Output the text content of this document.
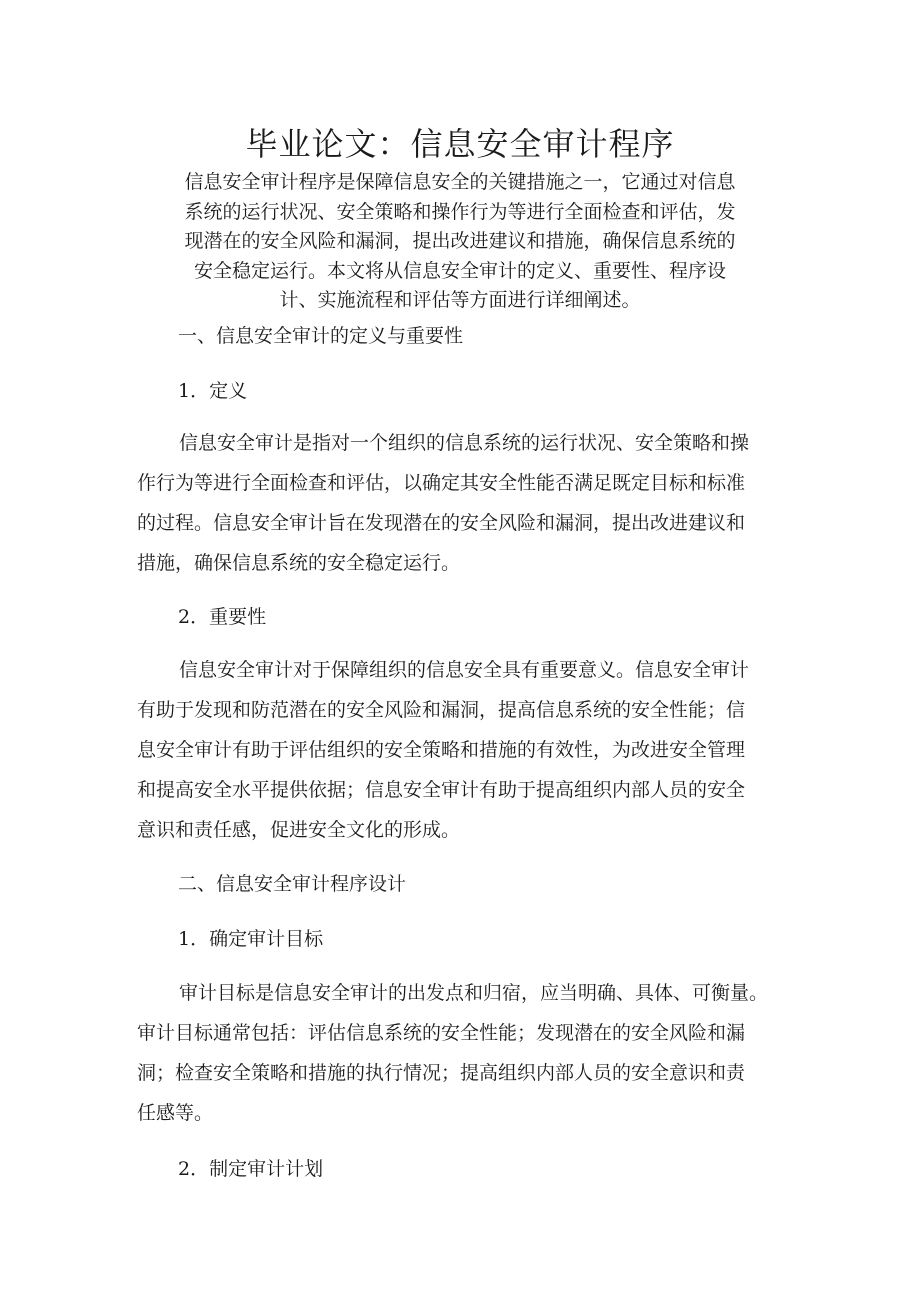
毕业论文：信息安全审计程序

信息安全审计程序是保障信息安全的关键措施之一，它通过对信息
系统的运行状况、安全策略和操作行为等进行全面检查和评估，发
现潜在的安全风险和漏洞，提出改进建议和措施，确保信息系统的
安全稳定运行。本文将从信息安全审计的定义、重要性、程序设
计、实施流程和评估等方面进行详细阐述。

一、信息安全审计的定义与重要性
1．定义

信息安全审计是指对一个组织的信息系统的运行状况、安全策略和操
作行为等进行全面检查和评估，以确定其安全性能否满足既定目标和标准
的过程。信息安全审计旨在发现潜在的安全风险和漏洞，提出改进建议和
措施，确保信息系统的安全稳定运行。

2．重要性

信息安全审计对于保障组织的信息安全具有重要意义。信息安全审计
有助于发现和防范潜在的安全风险和漏洞，提高信息系统的安全性能；信
息安全审计有助于评估组织的安全策略和措施的有效性，为改进安全管理
和提高安全水平提供依据；信息安全审计有助于提高组织内部人员的安全
意识和责任感，促进安全文化的形成。

二、信息安全审计程序设计
1．确定审计目标

审计目标是信息安全审计的出发点和归宿，应当明确、具体、可衡量。
审计目标通常包括：评估信息系统的安全性能；发现潜在的安全风险和漏
洞；检查安全策略和措施的执行情况；提高组织内部人员的安全意识和责
任感等。

2．制定审计计划
